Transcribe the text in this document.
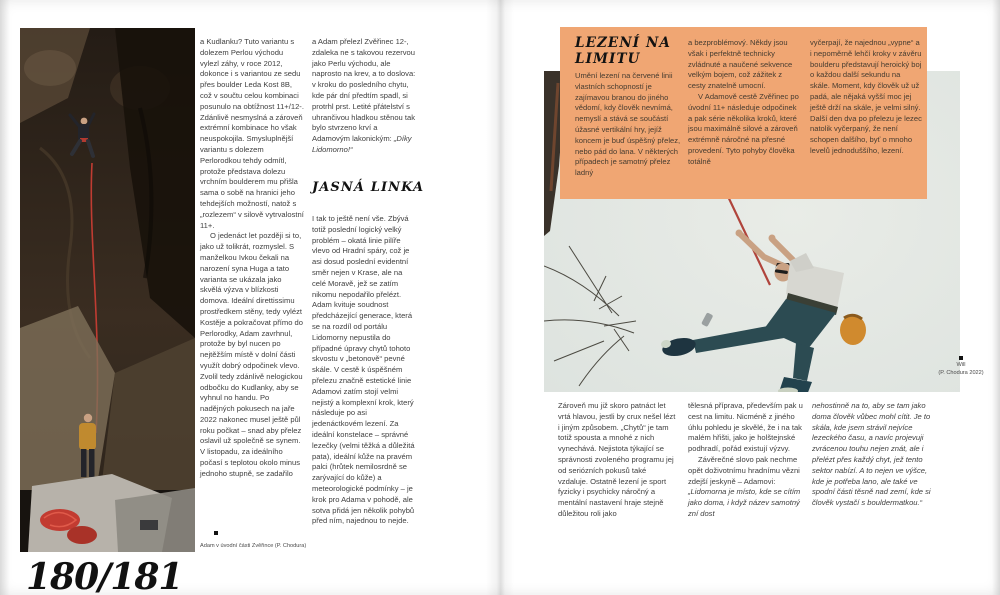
a Kudlanku? Tuto variantu s dolezem Perlou východu vylezl záhy, v roce 2012, dokonce i s variantou ze sedu přes boulder Leda Kost 8B, což v součtu celou kombinaci posunulo na obtížnost 11+/12-. Zdánlivě nesmyslná a zároveň extrémní kombinace ho však neuspokojila. Smysluplnější variantu s dolezem Perlorodkou tehdy odmítl, protože představa dolezu vrchním boulderem mu přišla sama o sobě na hranici jeho tehdejších možností, natož s „rozlezem“ v silově vytrvalostní 11+.

O jedenáct let později si to, jako už tolikrát, rozmyslel. S manželkou Ivkou čekali na narození syna Huga a tato varianta se ukázala jako skvělá výzva v blízkosti domova. Ideální direttissimu prostředkem stěny, tedy vylézt Kostěje a pokračovat přímo do Perlorodky, Adam zavrhnul, protože by byl nucen po nejtěžším místě v dolní části využít dobrý odpočinek vlevo. Zvolil tedy zdánlivě nelogickou odbočku do Kudlanky, aby se vyhnul no handu. Po nadějných pokusech na jaře 2022 nakonec musel ještě půl roku počkat – snad aby přelez oslavil už společně se synem. V listopadu, za ideálního počasí s teplotou okolo minus jednoho stupně, se zadařilo

a Adam přelezl Zvěřinec 12-, zdaleka ne s takovou rezervou jako Perlu východu, ale naprosto na krev, a to doslova: v kroku do posledního chytu, kde pár dní předtím spadl, si protrhl prst. Letité přátelství s uhrančivou hladkou stěnou tak bylo stvrzeno krví a Adamovým lakonickým: „Díky Lidomorno!“

JASNÁ LINKA

I tak to ještě není vše. Zbývá totiž poslední logický velký problém – okatá linie pilíře vlevo od Hradní spáry, což je asi dosud poslední evidentní směr nejen v Krase, ale na celé Moravě, jež se zatím nikomu nepodařilo přelézt. Adam kvituje soudnost předcházející generace, která se na rozdíl od portálu Lidomorny nepustila do případné úpravy chytů tohoto skvostu v „betonově“ pevné skále. V cestě k úspěšném přelezu značně estetické linie Adamovi zatím stojí velmi nejistý a komplexní krok, který následuje po asi jedenáctkovém lezení. Za ideální konstelace – správné lezečky (velmi těžká a důležitá pata), ideální kůže na pravém palci (hrůtek nemilosrdně se zarývající do kůže) a meteorologické podmínky – je krok pro Adama v pohodě, ale sotva přidá jen několik pohybů před ním, najednou to nejde.

Adam v úvodní části Zvěřince (P. Chodura)
180/181
LEZENÍ NA
LIMITU

Umění lezení na červené linii vlastních schopností je zajímavou branou do jiného vědomí, kdy člověk nevnímá, nemyslí a stává se součástí úžasné vertikální hry, jejíž koncem je buď úspěšný přelez, nebo pád do lana. V některých případech je samotný přelez ladný

a bezproblémový. Někdy jsou však i perfektně technicky zvládnuté a naučené sekvence velkým bojem, což zážitek z cesty znatelně umocní.

V Adamově cestě Zvěřinec po úvodní 11+ následuje odpočinek a pak série několika kroků, které jsou maximálně silové a zároveň extrémně náročné na přesné provedení. Tyto pohyby člověka totálně

vyčerpají, že najednou „vypne“ a i nepoměrně lehčí kroky v závěru boulderu představují heroický boj o každou další sekundu na skále. Moment, kdy člověk už už padá, ale nějaká vyšší moc jej ještě drží na skále, je velmi silný. Další den dva po přelezu je lezec natolik vyčerpaný, že není schopen dalšího, byť o mnoho levelů jednoduššího, lezení.

Will
(P. Chodura 2022)

Zároveň mu již skoro patnáct let vrtá hlavou, jestli by crux nešel lézt i jiným způsobem. „Chytů“ je tam totiž spousta a mnohé z nich vynechává. Nejistota týkající se správnosti zvoleného programu jej od seriózních pokusů také vzdaluje. Ostatně lezení je sport fyzicky i psychicky náročný a mentální nastavení hraje stejně důležitou roli jako

tělesná příprava, především pak u cest na limitu. Nicméně z jiného úhlu pohledu je skvělé, že i na tak malém hřišti, jako je holštejnské podhradí, pořád existují výzvy.

Závěrečné slovo pak nechme opět doživotnímu hradnímu vězni zdejší jeskyně – Adamovi: „Lidomorna je místo, kde se cítím jako doma, i když název samotný zní dost

nehostinně na to, aby se tam jako doma člověk vůbec mohl cítit. Je to skála, kde jsem strávil nejvíce lezeckého času, a navíc projevuji zvrácenou touhu nejen znát, ale i přelézt přes každý chyt, jež tento sektor nabízí. A to nejen ve výšce, kde je potřeba lano, ale také ve spodní části těsně nad zemí, kde si člověk vystačí s bouldermatkou.“
